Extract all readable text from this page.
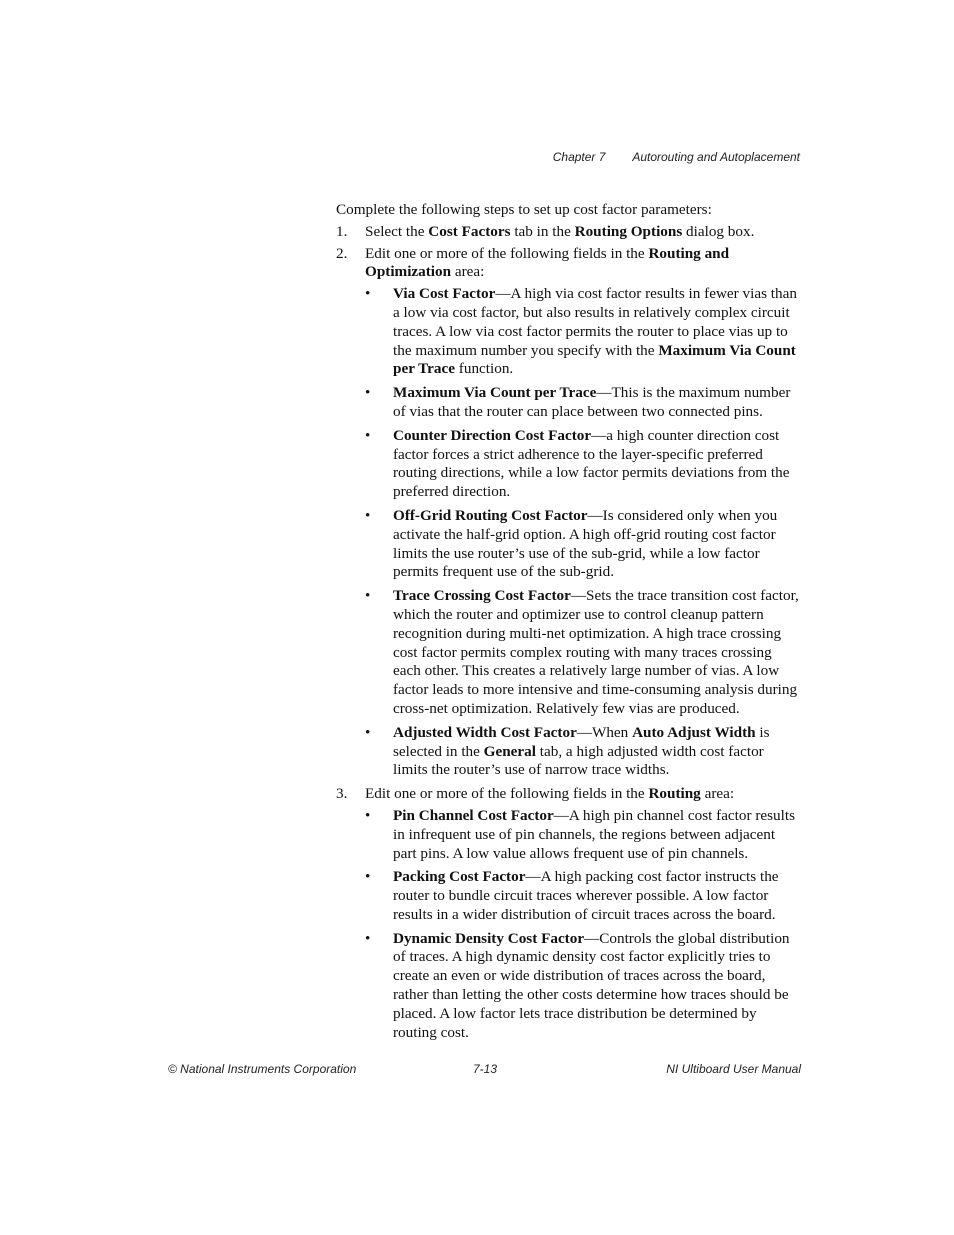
Chapter 7 Autorouting and Autoplacement

Complete the following steps to set up cost factor parameters:

1. Select the Cost Factors tab in the Routing Options dialog box.
2. Edit one or more of the following fields in the Routing and Optimization area:
• Via Cost Factor—A high via cost factor results in fewer vias than a low via cost factor, but also results in relatively complex circuit traces. A low via cost factor permits the router to place vias up to the maximum number you specify with the Maximum Via Count per Trace function.
• Maximum Via Count per Trace—This is the maximum number of vias that the router can place between two connected pins.
• Counter Direction Cost Factor—a high counter direction cost factor forces a strict adherence to the layer-specific preferred routing directions, while a low factor permits deviations from the preferred direction.
• Off-Grid Routing Cost Factor—Is considered only when you activate the half-grid option. A high off-grid routing cost factor limits the use router’s use of the sub-grid, while a low factor permits frequent use of the sub-grid.
• Trace Crossing Cost Factor—Sets the trace transition cost factor, which the router and optimizer use to control cleanup pattern recognition during multi-net optimization. A high trace crossing cost factor permits complex routing with many traces crossing each other. This creates a relatively large number of vias. A low factor leads to more intensive and time-consuming analysis during cross-net optimization. Relatively few vias are produced.
• Adjusted Width Cost Factor—When Auto Adjust Width is selected in the General tab, a high adjusted width cost factor limits the router’s use of narrow trace widths.
3. Edit one or more of the following fields in the Routing area:
• Pin Channel Cost Factor—A high pin channel cost factor results in infrequent use of pin channels, the regions between adjacent part pins. A low value allows frequent use of pin channels.
• Packing Cost Factor—A high packing cost factor instructs the router to bundle circuit traces wherever possible. A low factor results in a wider distribution of circuit traces across the board.
• Dynamic Density Cost Factor—Controls the global distribution of traces. A high dynamic density cost factor explicitly tries to create an even or wide distribution of traces across the board, rather than letting the other costs determine how traces should be placed. A low factor lets trace distribution be determined by routing cost.
© National Instruments Corporation	7-13	NI Ultiboard User Manual
